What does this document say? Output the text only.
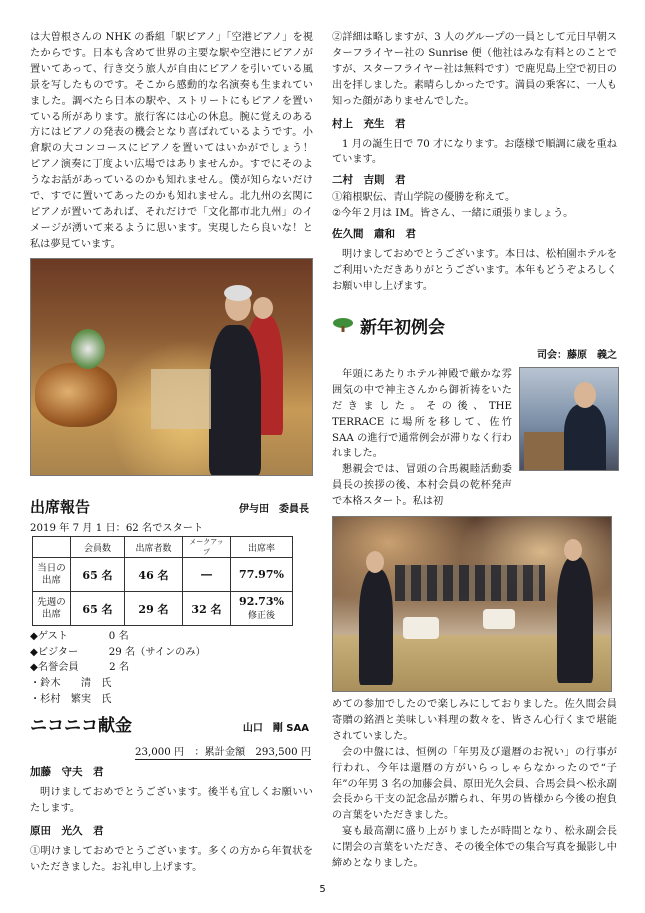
は大曽根さんの NHK の番組「駅ピアノ」「空港ピアノ」を視たからです。日本も含めて世界の主要な駅や空港にピアノが置いてあって、行き交う旅人が自由にピアノを引いている風景を写したものです。そこから感動的な名演奏も生まれていました。調べたら日本の駅や、ストリートにもピアノを置いている所があります。旅行客には心の休息。腕に覚えのある方にはピアノの発表の機会となり喜ばれているようです。小倉駅の大コンコースにピアノを置いてはいかがでしょう！　ピアノ演奏に丁度よい広場ではありませんか。すでにそのようなお話があっているのかも知れません。僕が知らないだけで、すでに置いてあったのかも知れません。北九州の玄関にピアノが置いてあれば、それだけで「文化都市北九州」のイメージが湧いて来るように思います。実現したら良いな！と私は夢見ています。

出席報告	伊与田　委員長
2019 年 7 月 1 日：62 名でスタート
	会員数	出席者数	メークアップ	出席率
当日の
出席	65 名	46 名	―	77.97%
先週の
出席	65 名	29 名	32 名	92.73%
修正後
◆ゲスト　　　　0 名
◆ビジター　　　29 名（サインのみ）
◆名誉会員　　　2 名
・鈴木　　清　氏
・杉村　繁実　氏
ニコニコ献金	山口　剛 SAA
23,000 円　 ：累計金額　293,500 円
加藤　守夫　君

明けましておめでとうございます。後半も宜しくお願いいたします。

原田　光久　君

①明けましておめでとうございます。多くの方から年賀状をいただきました。お礼申し上げます。

②詳細は略しますが、3 人のグループの一員として元日早朝スターフライヤー社の Sunrise 便（他社はみな有料とのことですが、スターフライヤー社は無料です）で鹿児島上空で初日の出を拝しました。素晴らしかったです。満員の乗客に、一人も知った顔がありませんでした。

村上　充生　君

1 月の誕生日で 70 才になります。お蔭様で順調に歳を重ねています。

二村　吉則　君

①箱根駅伝、青山学院の優勝を称えて。
②今年２月は IM。皆さん、一緒に頑張りましょう。

佐久間　肅和　君

明けましておめでとうございます。本日は、松柏園ホテルをご利用いただきありがとうございます。本年もどうぞよろしくお願い申し上げます。

新年初例会
司会：藤原　義之

年頭にあたりホテル神殿で厳かな雰囲気の中で神主さんから御祈祷をいただきました。その後、THE TERRACE に場所を移して、佐竹 SAA の進行で通常例会が滞りなく行われました。

懇親会では、冒頭の合馬親睦活動委員長の挨拶の後、本村会員の乾杯発声で本格スタート。私は初

めての参加でしたので楽しみにしておりました。佐久間会員寄贈の銘酒と美味しい料理の数々を、皆さん心行くまで堪能されていました。

会の中盤には、恒例の「年男及び還暦のお祝い」の行事が行われ、今年は還暦の方がいらっしゃらなかったので“子年”の年男 3 名の加藤会員、原田光久会員、合馬会員へ松永副会長から干支の記念品が贈られ、年男の皆様から今後の抱負の言葉をいただきました。

宴も最高潮に盛り上がりましたが時間となり、松永副会長に閉会の言葉をいただき、その後全体での集合写真を撮影し中締めとなりました。

5
